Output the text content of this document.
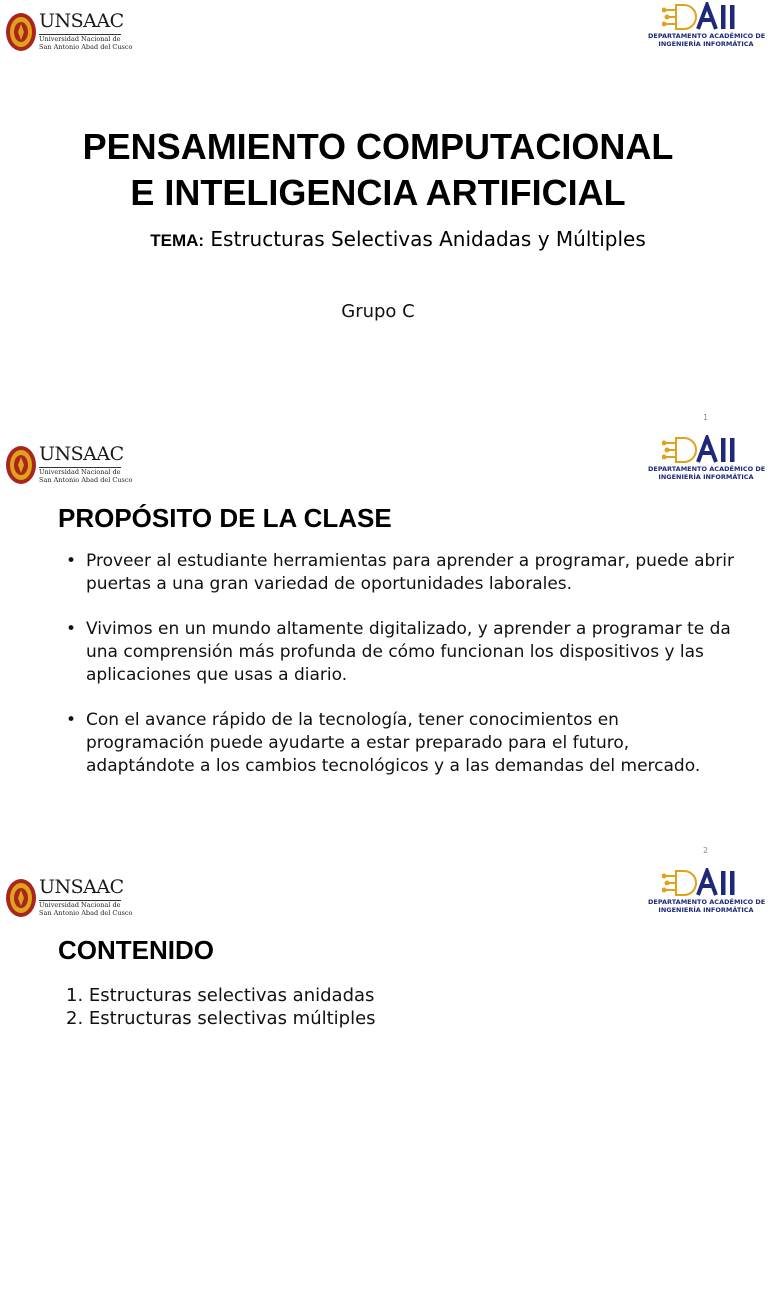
UNSAAC
Universidad Nacional de
San Antonio Abad del Cusco
DEPARTAMENTO ACADÉMICO DE
INGENIERÍA INFORMÁTICA
PENSAMIENTO COMPUTACIONAL
E INTELIGENCIA ARTIFICIAL
TEMA: Estructuras Selectivas Anidadas y Múltiples
Grupo C
1
UNSAAC
Universidad Nacional de
San Antonio Abad del Cusco
DEPARTAMENTO ACADÉMICO DE
INGENIERÍA INFORMÁTICA
PROPÓSITO DE LA CLASE
• Proveer al estudiante herramientas para aprender a programar, puede abrir puertas a una gran variedad de oportunidades laborales.
• Vivimos en un mundo altamente digitalizado, y aprender a programar te da una comprensión más profunda de cómo funcionan los dispositivos y las aplicaciones que usas a diario.
• Con el avance rápido de la tecnología, tener conocimientos en programación puede ayudarte a estar preparado para el futuro, adaptándote a los cambios tecnológicos y a las demandas del mercado.
2
UNSAAC
Universidad Nacional de
San Antonio Abad del Cusco
DEPARTAMENTO ACADÉMICO DE
INGENIERÍA INFORMÁTICA
CONTENIDO
1. Estructuras selectivas anidadas
2. Estructuras selectivas múltiples
